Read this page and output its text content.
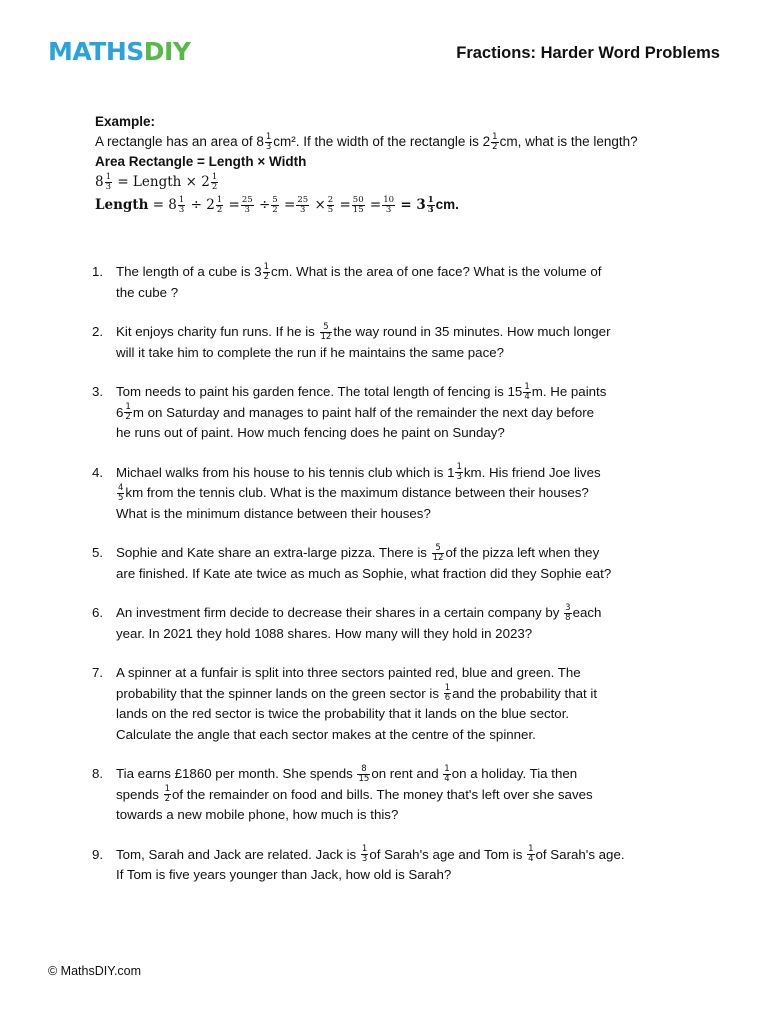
MATHSDIY	Fractions: Harder Word Problems
Example:
A rectangle has an area of $8 \frac{1}{3} cm^2$. If the width of the rectangle is $2 \frac{1}{2}$ cm, what is the length?
Area Rectangle = Length × Width
$8 \frac{1}{3}$ = Length × $2 \frac{1}{2}$
Length = $8 \frac{1}{3} \div 2 \frac{1}{2} = \frac{25}{3} \div \frac{5}{2} = \frac{25}{3} \times \frac{2}{5} = \frac{50}{15} = \frac{10}{3} = 3 \frac{1}{3}$ cm.
1. The length of a cube is $3 \frac{1}{2}$ cm. What is the area of one face? What is the volume of
the cube ?
2. Kit enjoys charity fun runs. If he is $\frac{5}{12}$ the way round in 35 minutes. How much longer
will it take him to complete the run if he maintains the same pace?
3. Tom needs to paint his garden fence. The total length of fencing is $15 \frac{1}{4} m$. He paints
$6 \frac{1}{2}$ m on Saturday and manages to paint half of the remainder the next day before
he runs out of paint. How much fencing does he paint on Sunday?
4. Michael walks from his house to his tennis club which is $1 \frac{1}{3}$ km. His friend Joe lives
$\frac{4}{5}$ km from the tennis club. What is the maximum distance between their houses?
What is the minimum distance between their houses?
5. Sophie and Kate share an extra-large pizza. There is $\frac{5}{12}$ of the pizza left when they
are finished. If Kate ate twice as much as Sophie, what fraction did they Sophie eat?
6. An investment firm decide to decrease their shares in a certain company by $\frac{3}{8}$ each
year. In 2021 they hold 1088 shares. How many will they hold in 2023?
7. A spinner at a funfair is split into three sectors painted red, blue and green. The
probability that the spinner lands on the green sector is $\frac{1}{6}$ and the probability that it
lands on the red sector is twice the probability that it lands on the blue sector.
Calculate the angle that each sector makes at the centre of the spinner.
8. Tia earns £1860 per month. She spends $\frac{8}{15}$ on rent and $\frac{1}{4}$ on a holiday. Tia then
spends $\frac{1}{2}$ of the remainder on food and bills. The money that's left over she saves
towards a new mobile phone, how much is this?
9. Tom, Sarah and Jack are related. Jack is $\frac{1}{3}$ of Sarah's age and Tom is $\frac{1}{4}$ of Sarah's age.
If Tom is five years younger than Jack, how old is Sarah?
© MathsDIY.com
